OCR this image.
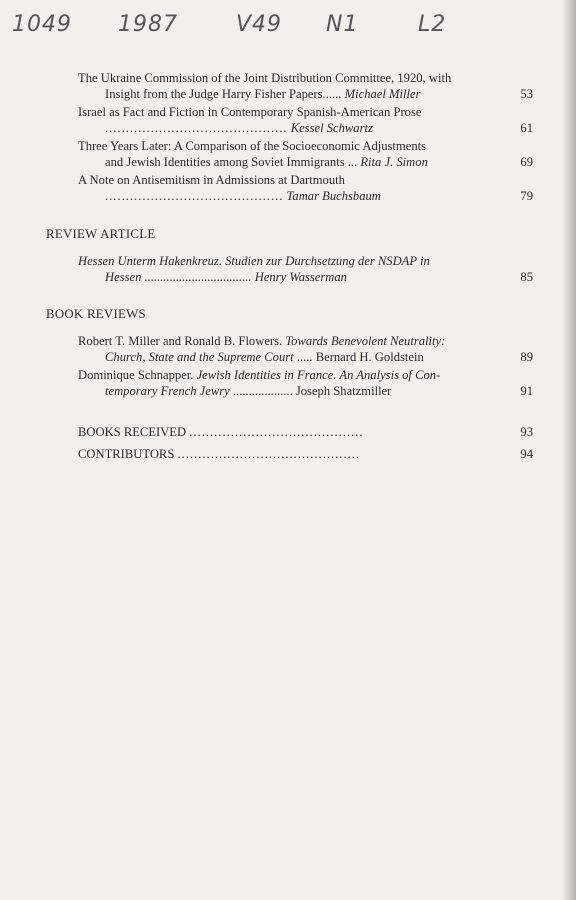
1049 1987	V49 N1	L2
The Ukraine Commission of the Joint Distribution Committee, 1920, with
Insight from the Judge Harry Fisher Papers...... Michael Miller	53
Israel as Fact and Fiction in Contemporary Spanish-American Prose
............................................ Kessel Schwartz	61
Three Years Later: A Comparison of the Socioeconomic Adjustments
and Jewish Identities among Soviet Immigrants ... Rita J. Simon	69
A Note on Antisemitism in Admissions at Dartmouth
........................................... Tamar Buchsbaum	79
REVIEW ARTICLE
Hessen Unterm Hakenkreuz. Studien zur Durchsetzung der NSDAP in
Hessen .................................. Henry Wasserman	85
BOOK REVIEWS
Robert T. Miller and Ronald B. Flowers. Towards Benevolent Neutrality:
Church, State and the Supreme Court ..... Bernard H. Goldstein	89
Dominique Schnapper. Jewish Identities in France. An Analysis of Con-
temporary French Jewry ................... Joseph Shatzmiller	91
BOOKS RECEIVED ..........................................	93
CONTRIBUTORS ............................................	94
